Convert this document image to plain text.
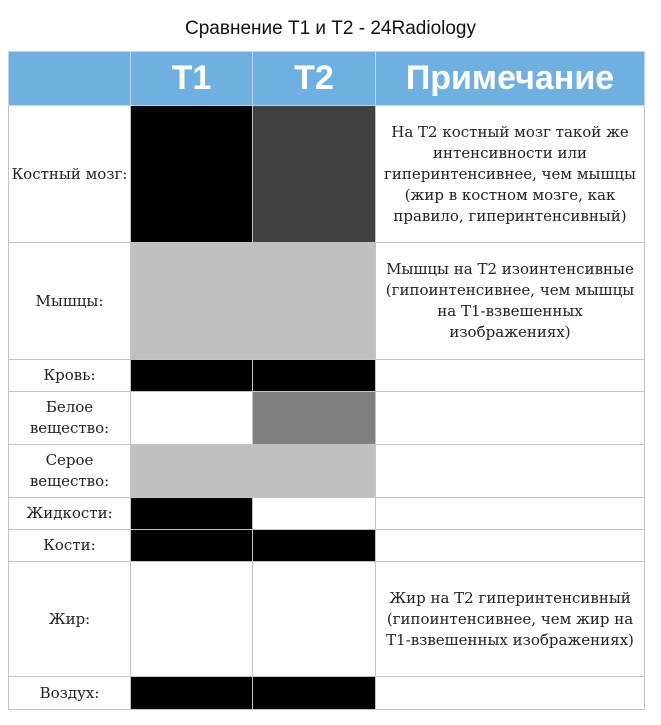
Сравнение Т1 и Т2 - 24Radiology
	T1	T2	Примечание
Костный мозг:			На Т2 костный мозг такой же интенсивности или гиперинтенсивнее, чем мышцы (жир в костном мозге, как правило, гиперинтенсивный)
Мышцы:			Мышцы на Т2 изоинтенсивные (гипоинтенсивнее, чем мышцы на Т1-взвешенных изображениях)
Кровь:			
Белое вещество:			
Серое вещество:			
Жидкости:			
Кости:			
Жир:			Жир на Т2 гиперинтенсивный (гипоинтенсивнее, чем жир на Т1-взвешенных изображениях)
Воздух:			
